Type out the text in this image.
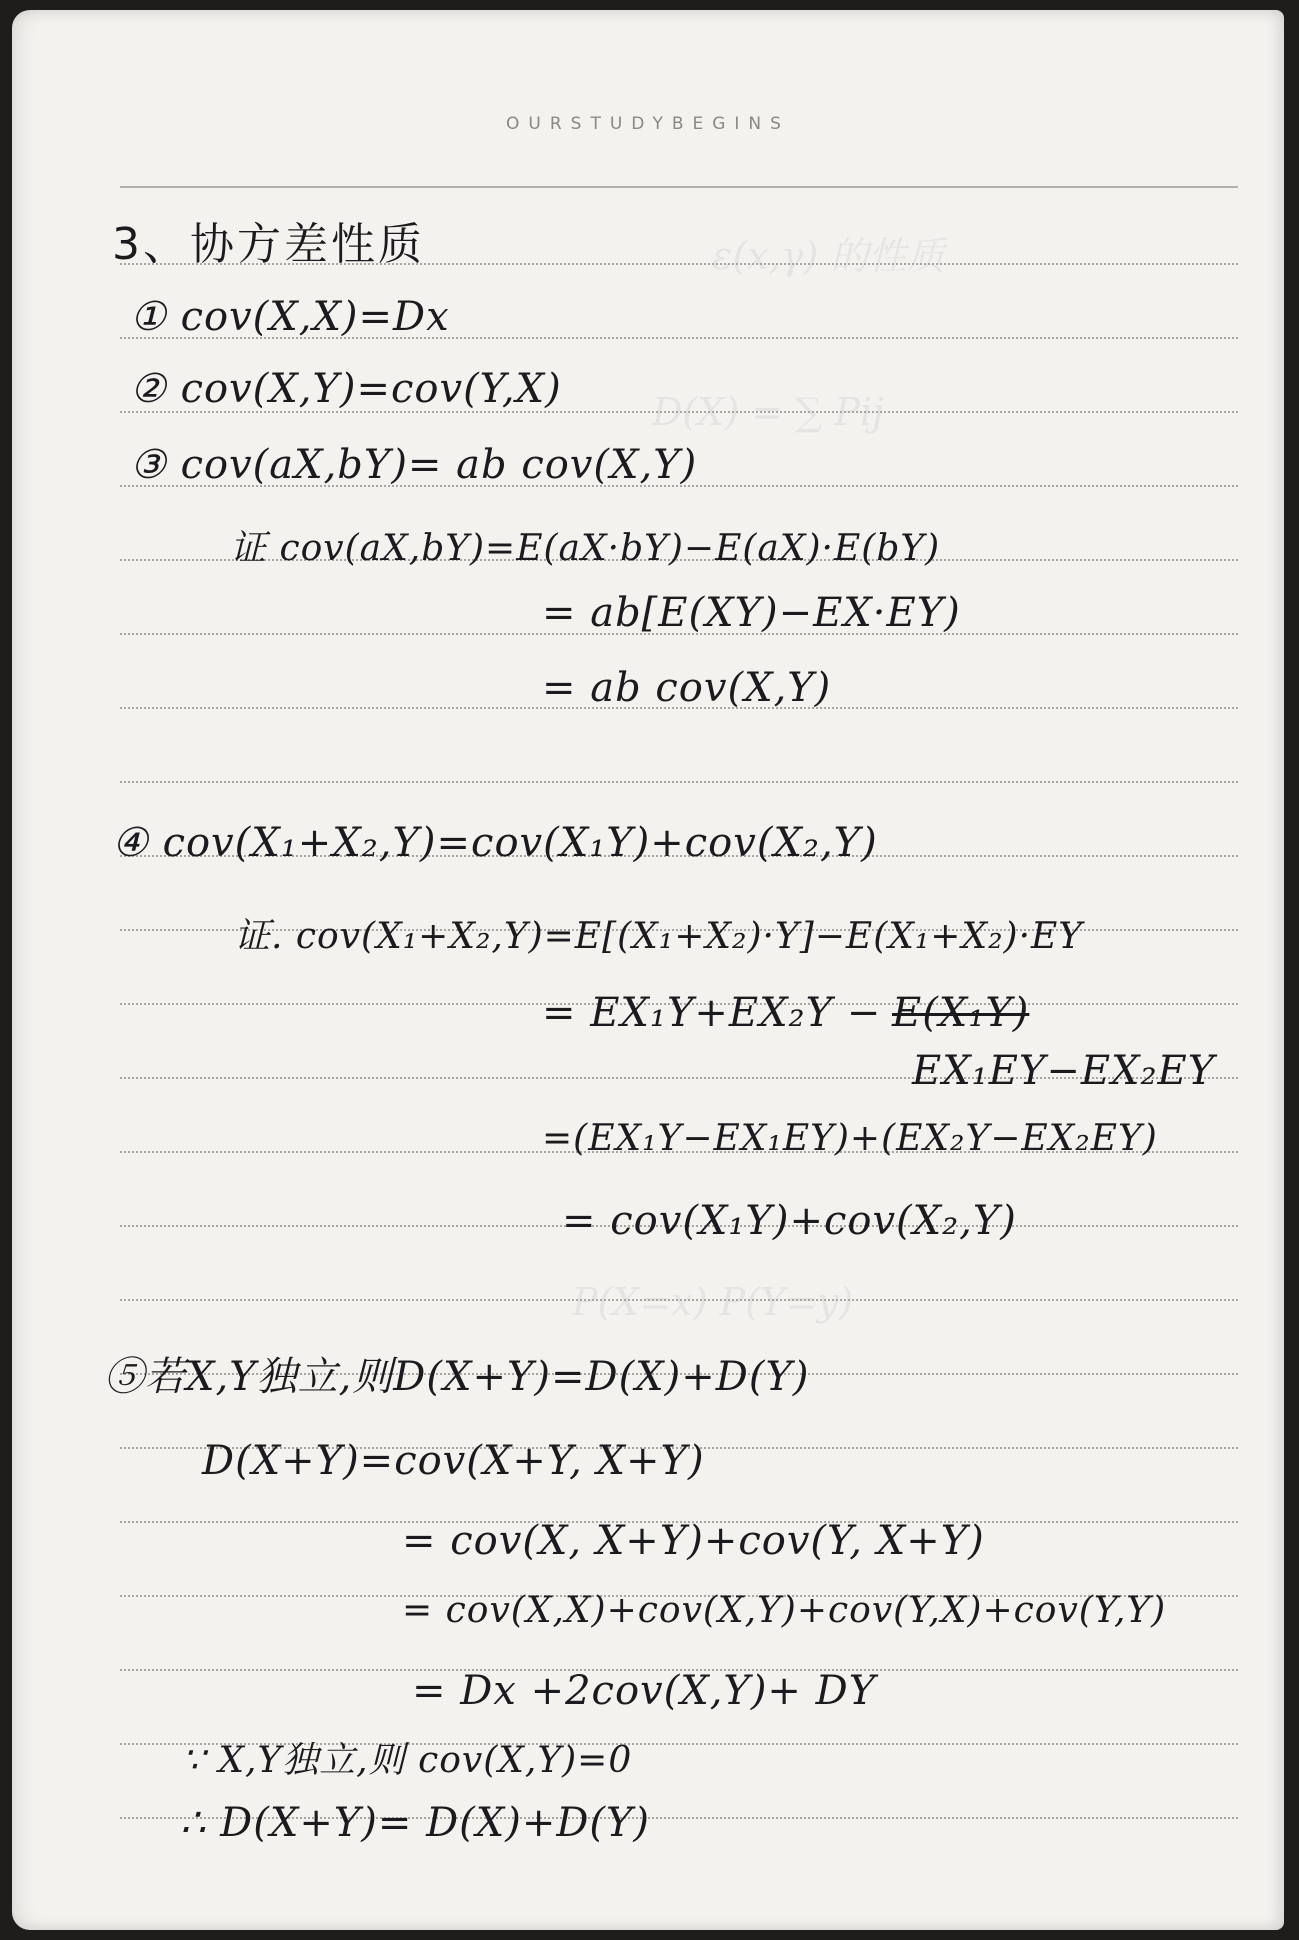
OURSTUDYBEGINS
ε(x,γ) 的性质
D(X) = ∑ Pij
P(X=x) P(Y=y)
3、协方差性质
① cov(X,X)=Dx
② cov(X,Y)=cov(Y,X)
③ cov(aX,bY)= ab cov(X,Y)
证 cov(aX,bY)=E(aX·bY)−E(aX)·E(bY)
= ab[E(XY)−EX·EY)
= ab cov(X,Y)
④ cov(X₁+X₂,Y)=cov(X₁Y)+cov(X₂,Y)
证. cov(X₁+X₂,Y)=E[(X₁+X₂)·Y]−E(X₁+X₂)·EY
= EX₁Y+EX₂Y − E(X₁Y)
EX₁EY−EX₂EY
=(EX₁Y−EX₁EY)+(EX₂Y−EX₂EY)
= cov(X₁Y)+cov(X₂,Y)
⑤若X,Y独立,则D(X+Y)=D(X)+D(Y)
D(X+Y)=cov(X+Y, X+Y)
= cov(X, X+Y)+cov(Y, X+Y)
= cov(X,X)+cov(X,Y)+cov(Y,X)+cov(Y,Y)
= Dx +2cov(X,Y)+ DY
∵ X,Y独立,则 cov(X,Y)=0
∴ D(X+Y)= D(X)+D(Y)
